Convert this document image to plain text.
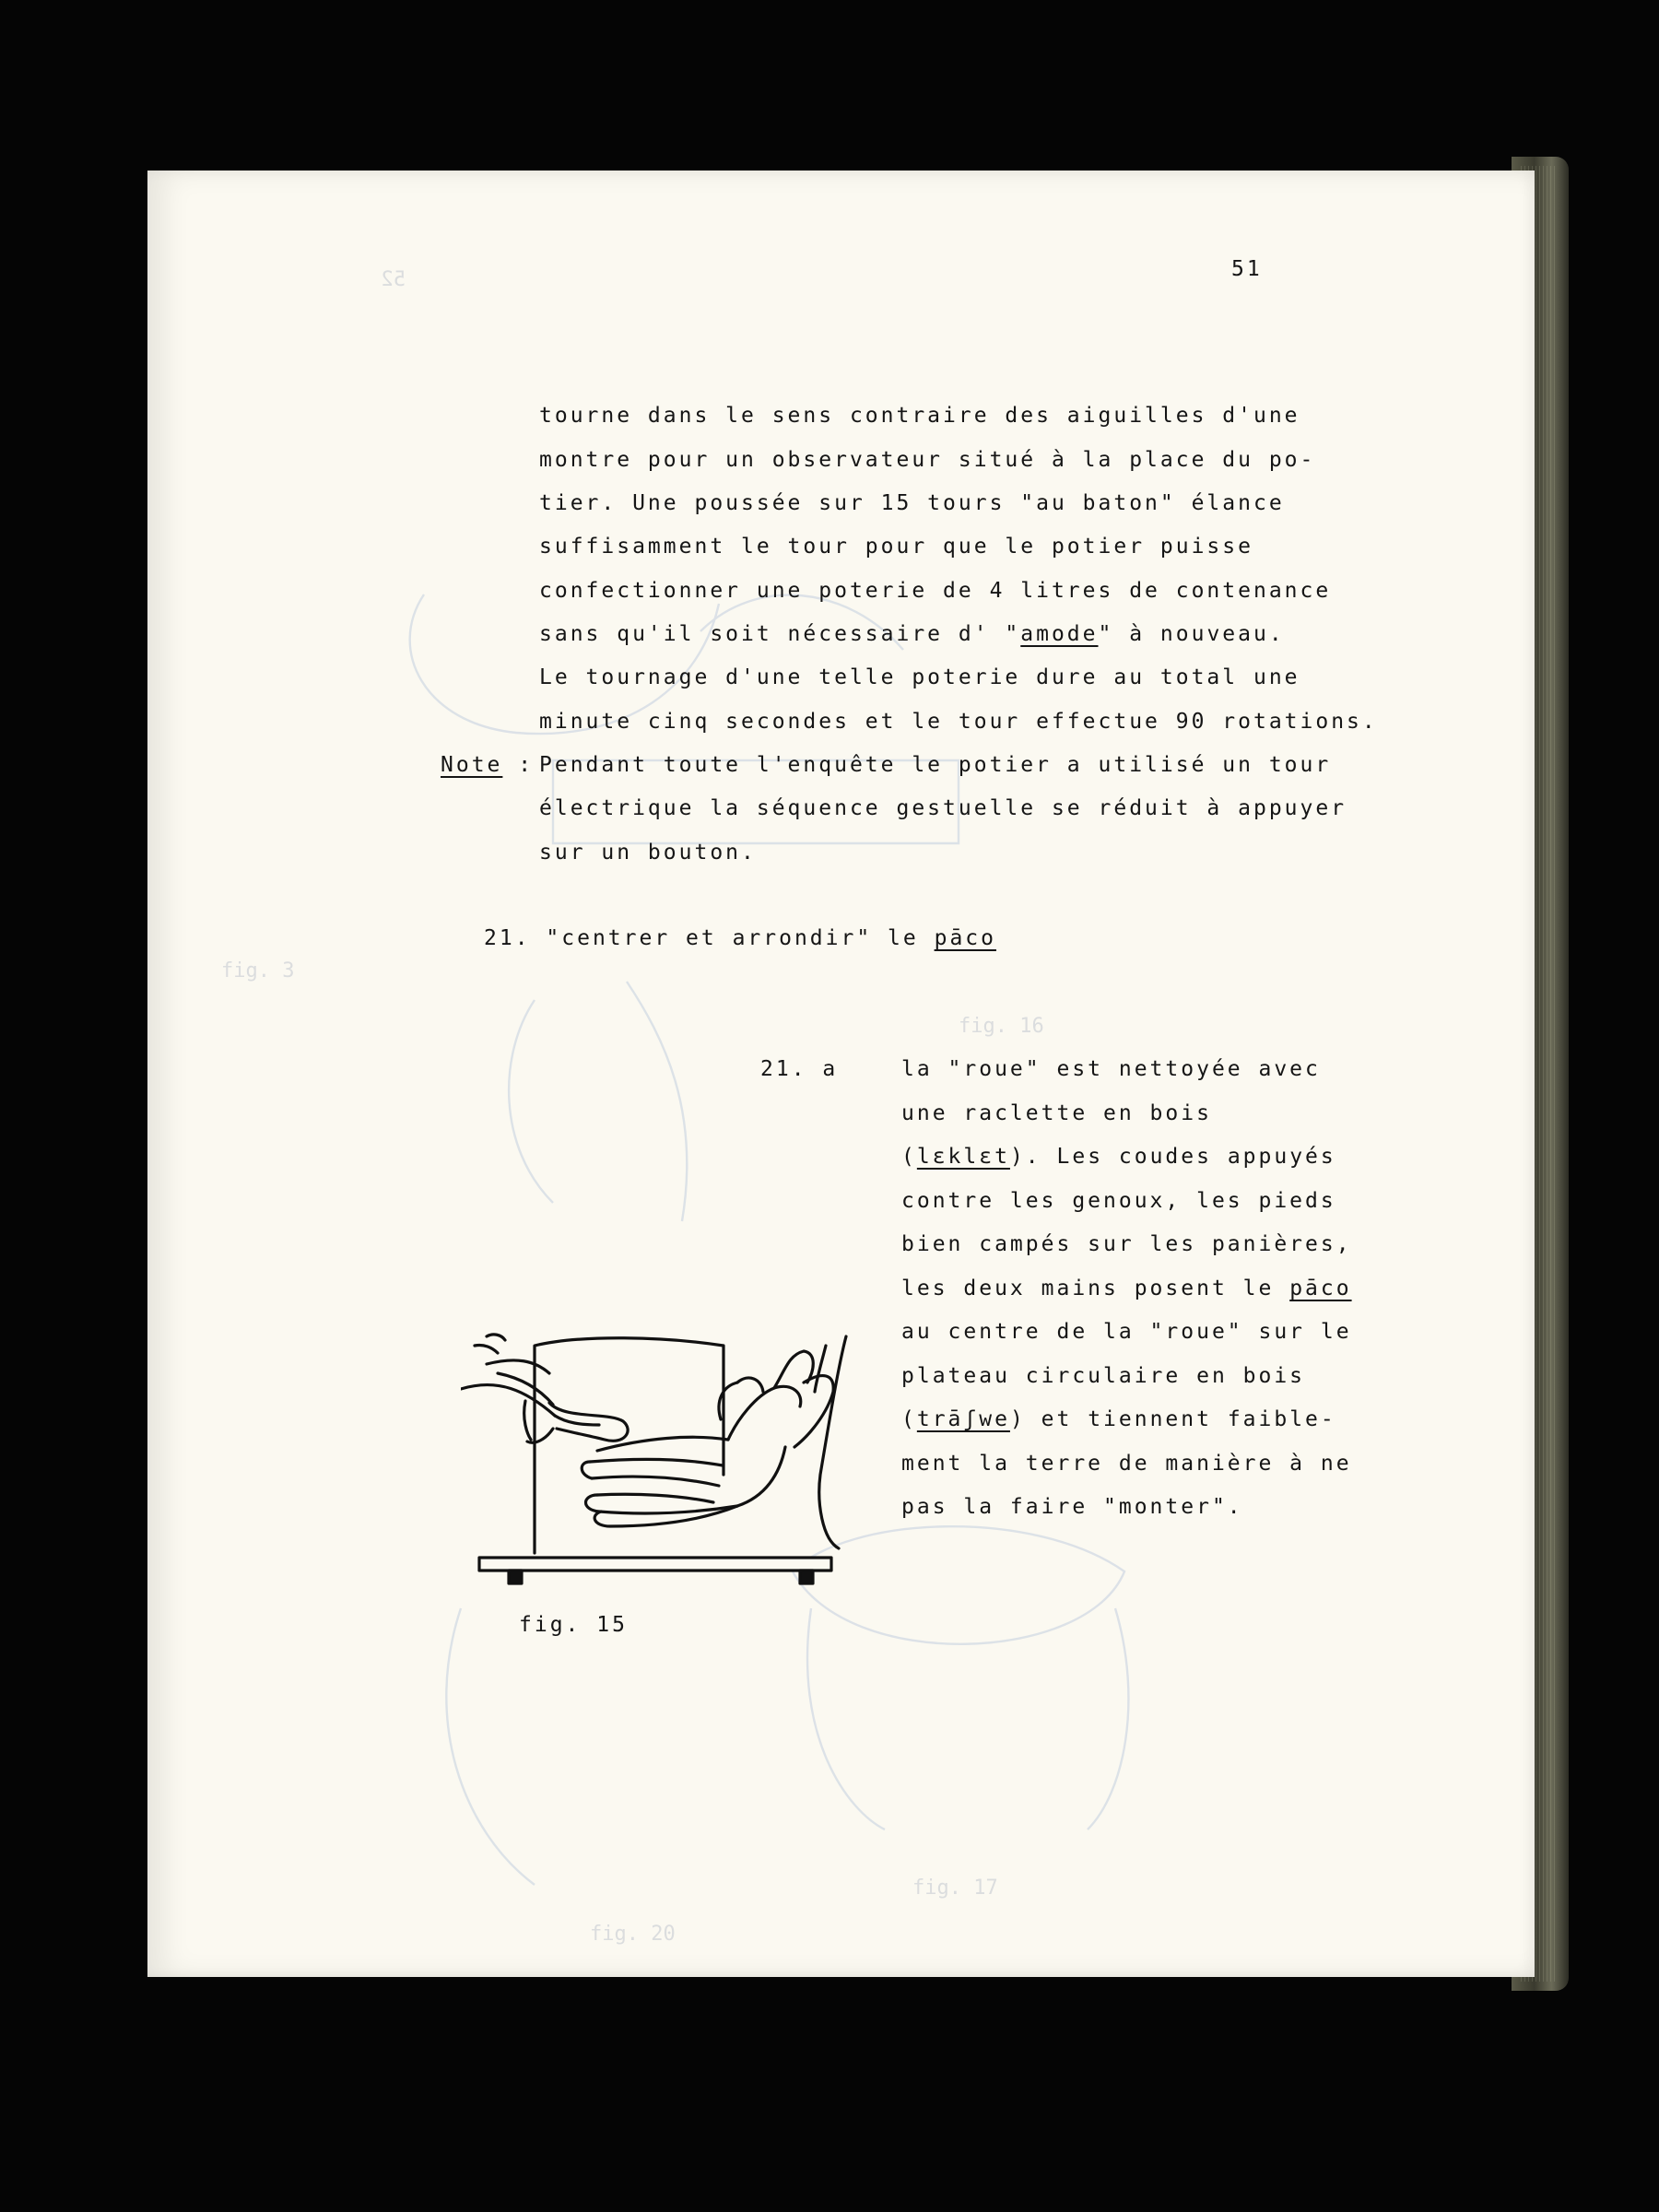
52
fig. 17
fig. 20
fig. 16
fig. 3
51
tourne dans le sens contraire des aiguilles d'une
montre pour un observateur situé à la place du po-
tier. Une poussée sur 15 tours "au baton" élance
suffisamment le tour pour que le potier puisse
confectionner une poterie de 4 litres de contenance
sans qu'il soit nécessaire d' "amode" à nouveau.
Le tournage d'une telle poterie dure au total une
minute cinq secondes et le tour effectue 90 rotations.
Note : Pendant toute l'enquête le potier a utilisé un tour
électrique la séquence gestuelle se réduit à appuyer
sur un bouton.
21. "centrer et arrondir" le pāco
21. a	la "roue" est nettoyée avec
une raclette en bois
(lɛklɛt). Les coudes appuyés
contre les genoux, les pieds
bien campés sur les panières,
les deux mains posent le pāco
au centre de la "roue" sur le
plateau circulaire en bois
(trāʃwe) et tiennent faible-
ment la terre de manière à ne
pas la faire "monter".
fig. 15
